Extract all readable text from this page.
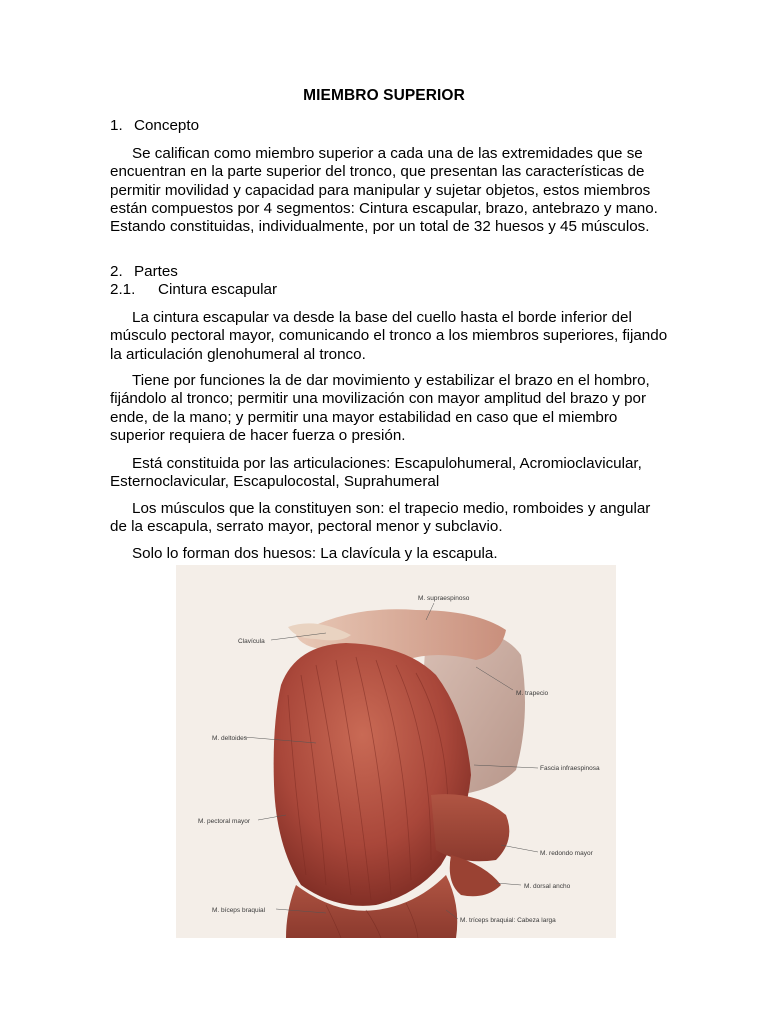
MIEMBRO SUPERIOR
1. Concepto
Se califican como miembro superior a cada una de las extremidades que se encuentran en la parte superior del tronco, que presentan las características de permitir movilidad y capacidad para manipular y sujetar objetos, estos miembros están compuestos por 4 segmentos: Cintura escapular, brazo, antebrazo y mano. Estando constituidas, individualmente, por un total de 32 huesos y 45 músculos.
2. Partes
2.1. Cintura escapular
La cintura escapular va desde la base del cuello hasta el borde inferior del músculo pectoral mayor, comunicando el tronco a los miembros superiores, fijando la articulación glenohumeral al tronco.
Tiene por funciones la de dar movimiento y estabilizar el brazo en el hombro, fijándolo al tronco; permitir una movilización con mayor amplitud del brazo y por ende, de la mano; y permitir una mayor estabilidad en caso que el miembro superior requiera de hacer fuerza o presión.
Está constituida por las articulaciones: Escapulohumeral, Acromioclavicular, Esternoclavicular, Escapulocostal, Suprahumeral
Los músculos que la constituyen son: el trapecio medio, romboides y angular de la escapula, serrato mayor, pectoral menor y subclavio.
Solo lo forman dos huesos: La clavícula y la escapula.
M. supraespinoso
Clavícula
M. trapecio
M. deltoides
Fascia infraespinosa
M. pectoral mayor
M. redondo mayor
M. dorsal ancho
M. bíceps braquial
M. tríceps braquial: Cabeza larga
